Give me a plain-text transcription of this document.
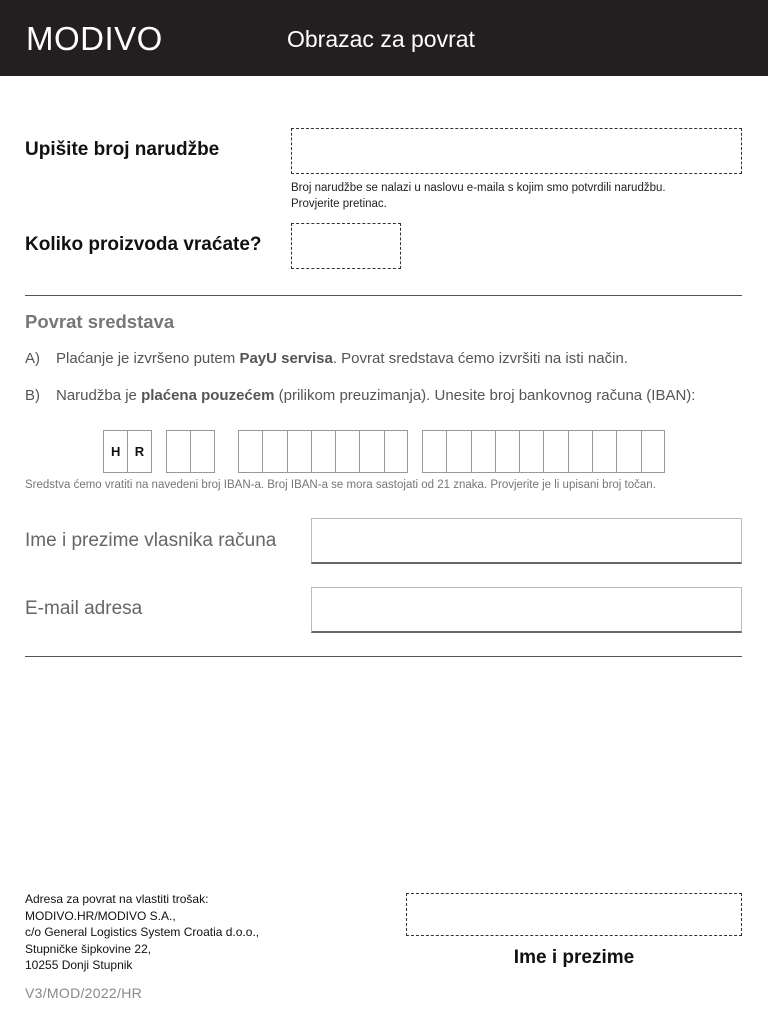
MODIVO	Obrazac za povrat
Upišite broj narudžbe
Broj narudžbe se nalazi u naslovu e-maila s kojim smo potvrdili narudžbu.
Provjerite pretinac.
Koliko proizvoda vraćate?
Povrat sredstava
A) Plaćanje je izvršeno putem PayU servisa. Povrat sredstava ćemo izvršiti na isti način.
B) Narudžba je plaćena pouzećem (prilikom preuzimanja). Unesite broj bankovnog računa (IBAN):
H	R
Sredstva ćemo vratiti na navedeni broj IBAN-a. Broj IBAN-a se mora sastojati od 21 znaka. Provjerite je li upisani broj točan.
Ime i prezime vlasnika računa
E-mail adresa
Adresa za povrat na vlastiti trošak:
MODIVO.HR/MODIVO S.A.,
c/o General Logistics System Croatia d.o.o.,
Stupničke šipkovine 22,
10255 Donji Stupnik	Ime i prezime
V3/MOD/2022/HR
